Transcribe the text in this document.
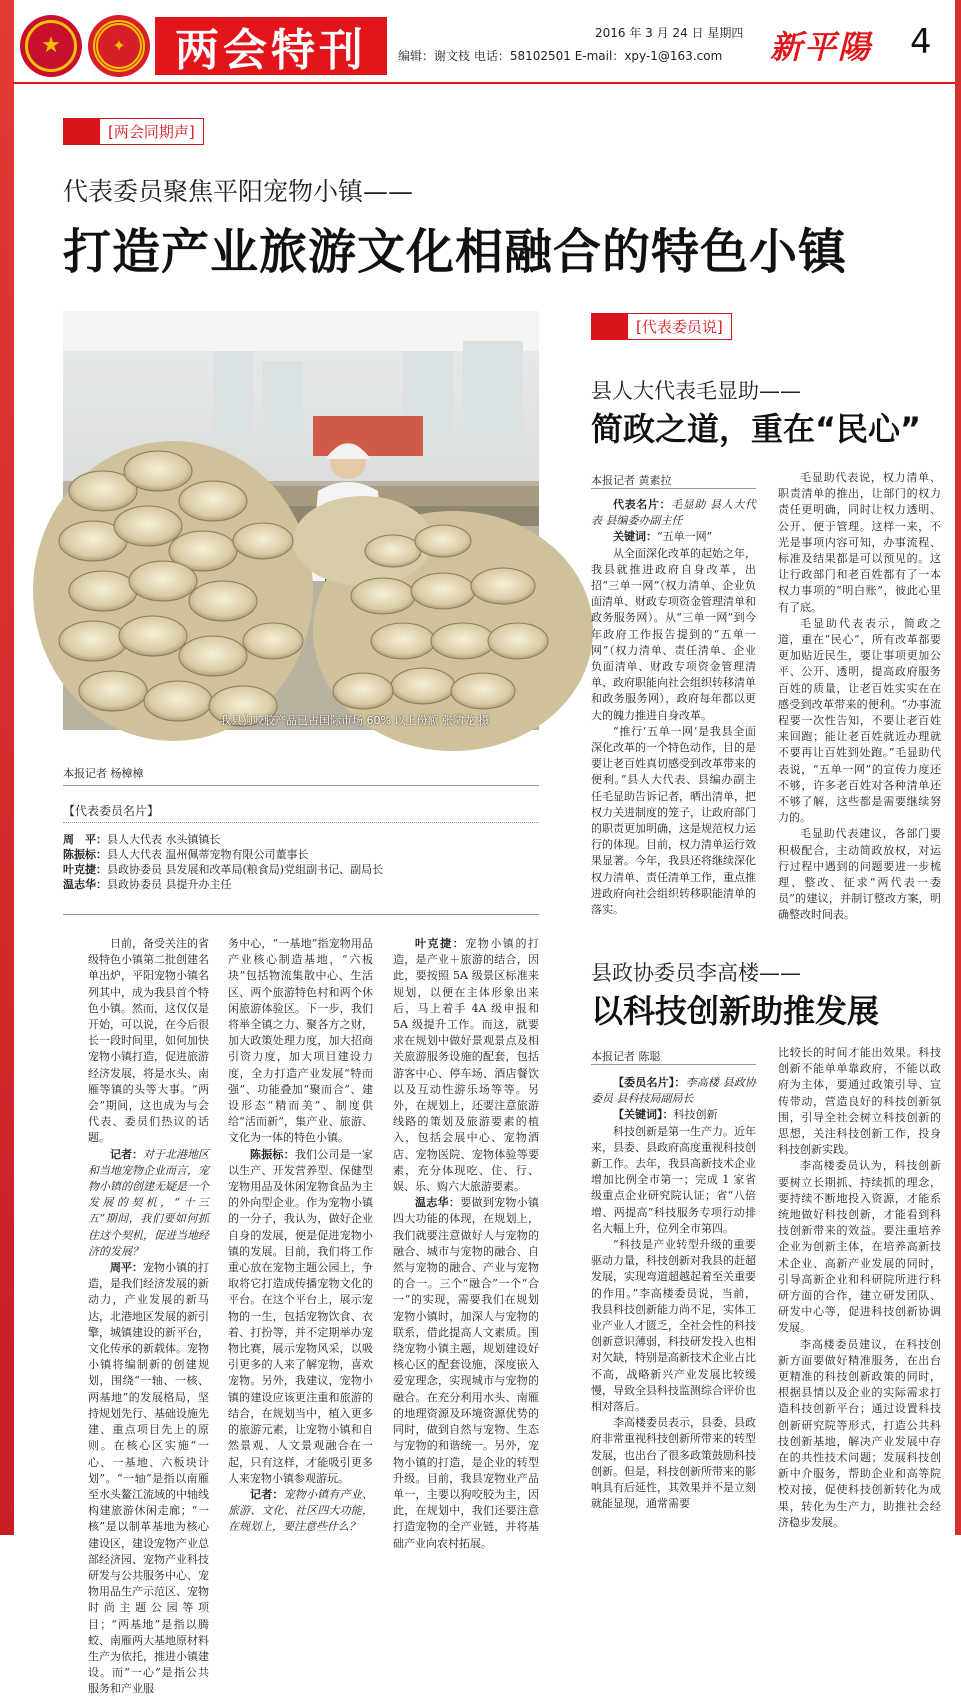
★	✦	两会特刊	2016 年 3 月 24 日 星期四
编辑：谢文枝 电话：58102501 E-mail：xpy-1@163.com 新平陽 4
[两会同期声]
代表委员聚焦平阳宠物小镇——
打造产业旅游文化相融合的特色小镇
我县狗咬胶产品已占国际市场 60% 以上份额 张啸龙 摄
本报记者 杨樟樟
【代表委员名片】
周　平：县人大代表 水头镇镇长
陈振标：县人大代表 温州佩蒂宠物有限公司董事长
叶克捷：县政协委员 县发展和改革局(粮食局)党组副书记、副局长
温志华：县政协委员 县提升办主任

日前，备受关注的省级特色小镇第二批创建名单出炉，平阳宠物小镇名列其中，成为我县首个特色小镇。然而，这仅仅是开始，可以说，在今后很长一段时间里，如何加快宠物小镇打造，促进旅游经济发展，将是水头、南雁等镇的头等大事。“两会”期间，这也成为与会代表、委员们热议的话题。

记者：对于北港地区和当地宠物企业而言，宠物小镇的创建无疑是一个发展的契机，“十三五”期间，我们要如何抓住这个契机，促进当地经济的发展？

周平：宠物小镇的打造，是我们经济发展的新动力，产业发展的新马达，北港地区发展的新引擎，城镇建设的新平台，文化传承的新载体。宠物小镇将编制新的创建规划，围绕“一轴、一核、两基地”的发展格局，坚持规划先行、基础设施先建、重点项目先上的原则。在核心区实施“一心、一基地、六板块计划”。“一轴”是指以南雁至水头鳌江流域的中轴线构建旅游休闲走廊；“一核”是以制革基地为核心建设区，建设宠物产业总部经济园、宠物产业科技研发与公共服务中心、宠物用品生产示范区、宠物时尚主题公园等项目；“两基地”是指以腾蛟、南雁两大基地原材料生产为依托，推进小镇建设。而“一心”是指公共服务和产业服

务中心，“一基地”指宠物用品产业核心制造基地，“六板块”包括物流集散中心、生活区、两个旅游特色村和两个休闲旅游体验区。下一步，我们将举全镇之力、聚各方之财，加大政策处理力度，加大招商引资力度，加大项目建设力度，全力打造产业发展“特而强”、功能叠加“聚而合”、建设形态“精而美”、制度供给“活而新”，集产业、旅游、文化为一体的特色小镇。

陈振标：我们公司是一家以生产、开发营养型、保健型宠物用品及休闲宠物食品为主的外向型企业。作为宠物小镇的一分子，我认为，做好企业自身的发展，便是促进宠物小镇的发展。目前，我们将工作重心放在宠物主题公园上，争取将它打造成传播宠物文化的平台。在这个平台上，展示宠物的一生，包括宠物饮食、衣着、打扮等，并不定期举办宠物比赛，展示宠物风采，以吸引更多的人来了解宠物，喜欢宠物。另外，我建议，宠物小镇的建设应该更注重和旅游的结合，在规划当中，植入更多的旅游元素，让宠物小镇和自然景观、人文景观融合在一起，只有这样，才能吸引更多人来宠物小镇参观游玩。

记者：宠物小镇有产业、旅游、文化、社区四大功能，在规划上，要注意些什么？

叶克捷：宠物小镇的打造，是产业＋旅游的结合，因此，要按照 5A 级景区标准来规划，以便在主体形象出来后，马上着手 4A 级申报和 5A 级提升工作。而这，就要求在规划中做好景观景点及相关旅游服务设施的配套，包括游客中心、停车场、酒店餐饮以及互动性游乐场等等。另外，在规划上，还要注意旅游线路的策划及旅游要素的植入，包括会展中心、宠物酒店、宠物医院、宠物体验等要素，充分体现吃、住、行、娱、乐、购六大旅游要素。

温志华：要做到宠物小镇四大功能的体现，在规划上，我们就要注意做好人与宠物的融合、城市与宠物的融合、自然与宠物的融合、产业与宠物的合一。三个“融合”一个“合一”的实现，需要我们在规划宠物小镇时，加深人与宠物的联系，借此提高人文素质。围绕宠物小镇主题，规划建设好核心区的配套设施，深度嵌入爱宠理念，实现城市与宠物的融合。在充分利用水头、南雁的地理资源及环境资源优势的同时，做到自然与宠物、生态与宠物的和谐统一。另外，宠物小镇的打造，是企业的转型升级。目前，我县宠物业产品单一，主要以狗咬胶为主，因此，在规划中，我们还要注意打造宠物的全产业链，并将基础产业向农村拓展。

[代表委员说]
县人大代表毛显助——
简政之道，重在“民心”
本报记者 黄素拉

代表名片：毛显助 县人大代表 县编委办副主任

关键词：“五单一网”

从全面深化改革的起始之年，我县就推进政府自身改革，出招“三单一网”（权力清单、企业负面清单、财政专项资金管理清单和政务服务网）。从“三单一网”到今年政府工作报告提到的“五单一网”（权力清单、责任清单、企业负面清单、财政专项资金管理清单、政府职能向社会组织转移清单和政务服务网），政府每年都以更大的魄力推进自身改革。

“推行‘五单一网’是我县全面深化改革的一个特色动作，目的是要让老百姓真切感受到改革带来的便利。”县人大代表、县编办副主任毛显助告诉记者，晒出清单，把权力关进制度的笼子，让政府部门的职责更加明确，这是规范权力运行的体现。目前，权力清单运行效果显著。今年，我县还将继续深化权力清单、责任清单工作，重点推进政府向社会组织转移职能清单的落实。

毛显助代表说，权力清单、职责清单的推出，让部门的权力责任更明确，同时让权力透明、公开、便于管理。这样一来，不光是事项内容可知，办事流程、标准及结果都是可以预见的。这让行政部门和老百姓都有了一本权力事项的“明白账”，彼此心里有了底。

毛显助代表表示，简政之道，重在“民心”，所有改革都要更加贴近民生，要让事项更加公平、公开、透明，提高政府服务百姓的质量，让老百姓实实在在感受到改革带来的便利。“办事流程要一次性告知，不要让老百姓来回跑；能让老百姓就近办理就不要再让百姓到处跑。”毛显助代表说，“五单一网”的宣传力度还不够，许多老百姓对各种清单还不够了解，这些都是需要继续努力的。

毛显助代表建议，各部门要积极配合，主动简政放权，对运行过程中遇到的问题要进一步梳理、整改、征求“两代表一委员”的建议，并制订整改方案，明确整改时间表。

县政协委员李高楼——
以科技创新助推发展
本报记者 陈聪

【委员名片】：李高楼 县政协委员 县科技局副局长

【关键词】：科技创新

科技创新是第一生产力。近年来，县委、县政府高度重视科技创新工作。去年，我县高新技术企业增加比例全市第一；完成 1 家省级重点企业研究院认证；省“八倍增、两提高”科技服务专项行动排名大幅上升，位列全市第四。

“科技是产业转型升级的重要驱动力量，科技创新对我县的赶超发展，实现弯道超越起着至关重要的作用。”李高楼委员说，当前，我县科技创新能力尚不足，实体工业产业人才匮乏，全社会性的科技创新意识薄弱，科技研发投入也相对欠缺，特别是高新技术企业占比不高，战略新兴产业发展比较缓慢，导致全县科技监测综合评价也相对落后。

李高楼委员表示，县委、县政府非常重视科技创新所带来的转型发展，也出台了很多政策鼓励科技创新。但是，科技创新所带来的影响具有后延性，其效果并不是立刻就能显现，通常需要

比较长的时间才能出效果。科技创新不能单单靠政府，不能以政府为主体，要通过政策引导、宣传带动，营造良好的科技创新氛围，引导全社会树立科技创新的思想，关注科技创新工作，投身科技创新实践。

李高楼委员认为，科技创新要树立长期抓、持续抓的理念，要持续不断地投入资源，才能系统地做好科技创新，才能看到科技创新带来的效益。要注重培养企业为创新主体，在培养高新技术企业、高新产业发展的同时，引导高新企业和科研院所进行科研方面的合作，建立研发团队、研发中心等，促进科技创新协调发展。

李高楼委员建议，在科技创新方面要做好精准服务，在出台更精准的科技创新政策的同时，根据县情以及企业的实际需求打造科技创新平台；通过设置科技创新研究院等形式，打造公共科技创新基地，解决产业发展中存在的共性技术问题；发展科技创新中介服务，帮助企业和高等院校对接，促使科技创新转化为成果，转化为生产力，助推社会经济稳步发展。
